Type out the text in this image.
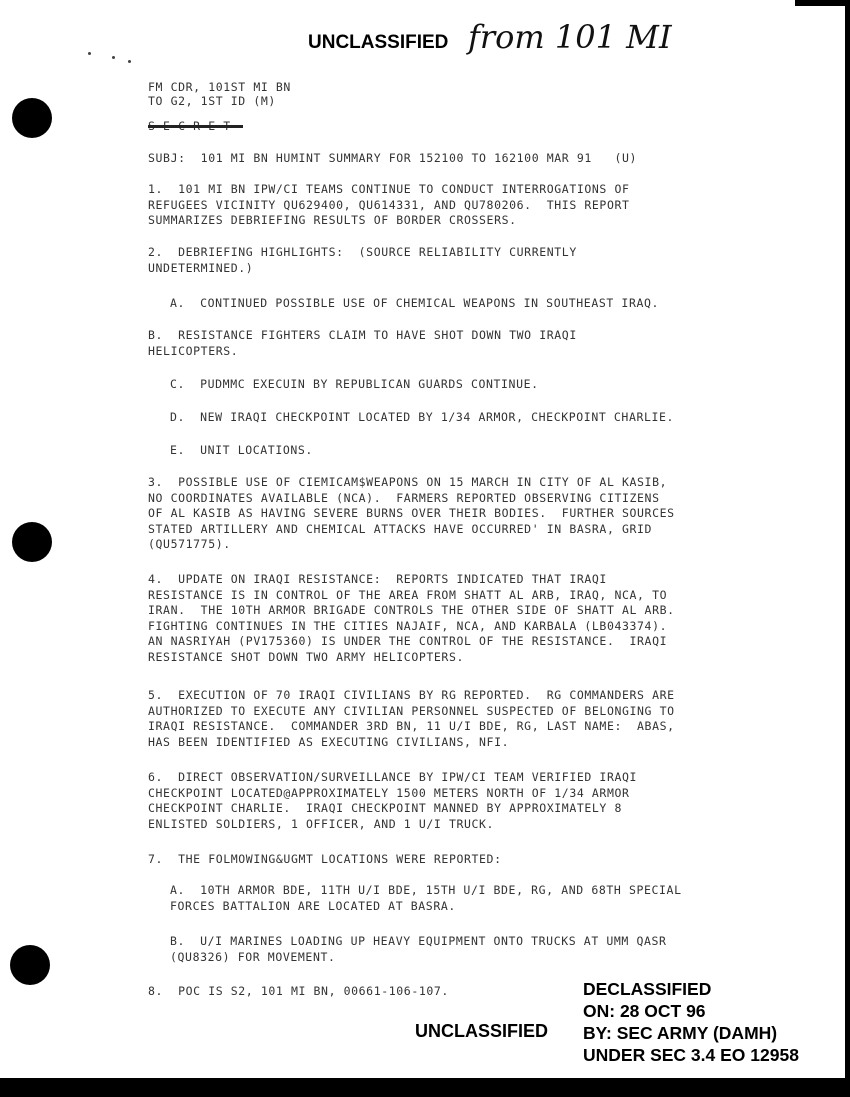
UNCLASSIFIED from 101 MI
FM CDR, 101ST MI BN
TO G2, 1ST ID (M)
SUBJ:  101 MI BN HUMINT SUMMARY FOR 152100 TO 162100 MAR 91   (U)
1.  101 MI BN IPW/CI TEAMS CONTINUE TO CONDUCT INTERROGATIONS OF
REFUGEES VICINITY QU629400, QU614331, AND QU780206.  THIS REPORT
SUMMARIZES DEBRIEFING RESULTS OF BORDER CROSSERS.
2.  DEBRIEFING HIGHLIGHTS:  (SOURCE RELIABILITY CURRENTLY
UNDETERMINED.)
A.  CONTINUED POSSIBLE USE OF CHEMICAL WEAPONS IN SOUTHEAST IRAQ.
B.  RESISTANCE FIGHTERS CLAIM TO HAVE SHOT DOWN TWO IRAQI
HELICOPTERS.
C.  PUDMMC EXECUIN BY REPUBLICAN GUARDS CONTINUE.
D.  NEW IRAQI CHECKPOINT LOCATED BY 1/34 ARMOR, CHECKPOINT CHARLIE.
E.  UNIT LOCATIONS.
3.  POSSIBLE USE OF CIEMICAM$WEAPONS ON 15 MARCH IN CITY OF AL KASIB,
NO COORDINATES AVAILABLE (NCA).  FARMERS REPORTED OBSERVING CITIZENS
OF AL KASIB AS HAVING SEVERE BURNS OVER THEIR BODIES.  FURTHER SOURCES
STATED ARTILLERY AND CHEMICAL ATTACKS HAVE OCCURRED' IN BASRA, GRID
(QU571775).
4.  UPDATE ON IRAQI RESISTANCE:  REPORTS INDICATED THAT IRAQI
RESISTANCE IS IN CONTROL OF THE AREA FROM SHATT AL ARB, IRAQ, NCA, TO
IRAN.  THE 10TH ARMOR BRIGADE CONTROLS THE OTHER SIDE OF SHATT AL ARB.
FIGHTING CONTINUES IN THE CITIES NAJAIF, NCA, AND KARBALA (LB043374).
AN NASRIYAH (PV175360) IS UNDER THE CONTROL OF THE RESISTANCE.  IRAQI
RESISTANCE SHOT DOWN TWO ARMY HELICOPTERS.
5.  EXECUTION OF 70 IRAQI CIVILIANS BY RG REPORTED.  RG COMMANDERS ARE
AUTHORIZED TO EXECUTE ANY CIVILIAN PERSONNEL SUSPECTED OF BELONGING TO
IRAQI RESISTANCE.  COMMANDER 3RD BN, 11 U/I BDE, RG, LAST NAME:  ABAS,
HAS BEEN IDENTIFIED AS EXECUTING CIVILIANS, NFI.
6.  DIRECT OBSERVATION/SURVEILLANCE BY IPW/CI TEAM VERIFIED IRAQI
CHECKPOINT LOCATED@APPROXIMATELY 1500 METERS NORTH OF 1/34 ARMOR
CHECKPOINT CHARLIE.  IRAQI CHECKPOINT MANNED BY APPROXIMATELY 8
ENLISTED SOLDIERS, 1 OFFICER, AND 1 U/I TRUCK.
7.  THE FOLMOWING&UGMT LOCATIONS WERE REPORTED:
A.  10TH ARMOR BDE, 11TH U/I BDE, 15TH U/I BDE, RG, AND 68TH SPECIAL
FORCES BATTALION ARE LOCATED AT BASRA.
B.  U/I MARINES LOADING UP HEAVY EQUIPMENT ONTO TRUCKS AT UMM QASR
(QU8326) FOR MOVEMENT.
8.  POC IS S2, 101 MI BN, 00661-106-107.
UNCLASSIFIED
DECLASSIFIED
ON: 28 OCT 96
BY: SEC ARMY (DAMH)
UNDER SEC 3.4 EO 12958
